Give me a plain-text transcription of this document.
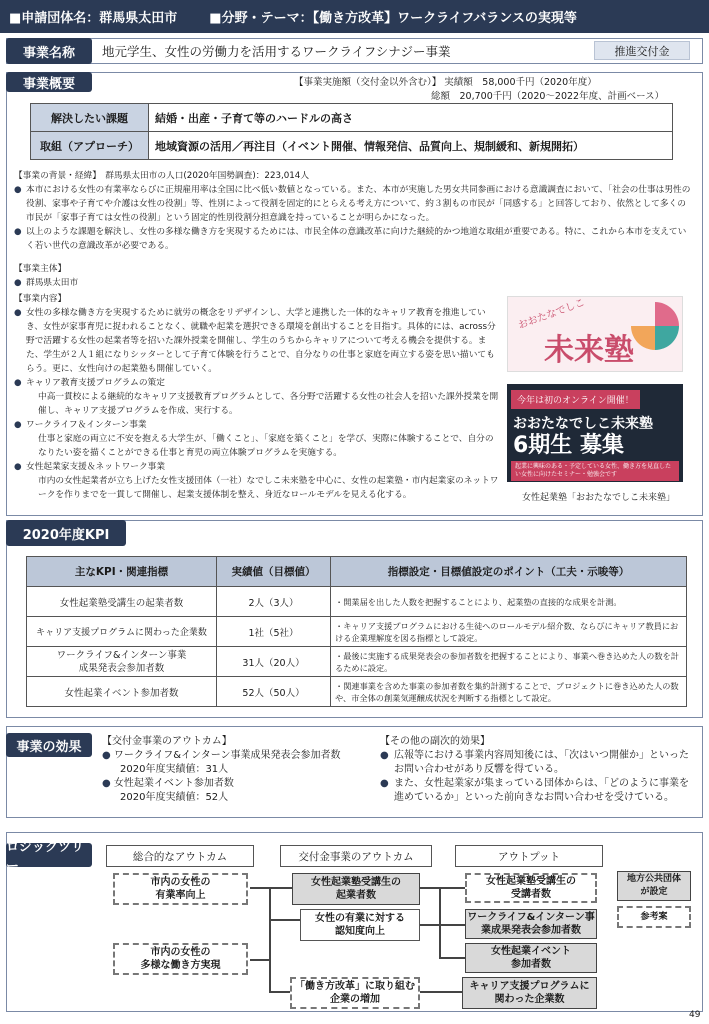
■申請団体名：群馬県太田市 ■分野・テーマ：【働き方改革】ワークライフバランスの実現等
事業名称	地元学生、女性の労働力を活用するワークライフシナジー事業	推進交付金
事業概要	【事業実施額（交付金以外含む）】 実績額　58,000千円（2020年度）
総額　20,700千円（2020～2022年度、計画ベース）
解決したい課題	結婚・出産・子育て等のハードルの高さ
取組（アプローチ）	地域資源の活用／再注目（イベント開催、情報発信、品質向上、規制緩和、新規開拓）
【事業の背景・経緯】　群馬県太田市の人口(2020年国勢調査)：223,014人
● 本市における女性の有業率ならびに正規雇用率は全国に比べ低い数値となっている。また、本市が実施した男女共同参画における意識調査において、「社会の仕事は男性の役割、家事や子育てや介護は女性の役割」等、性別によって役割を固定的にとらえる考え方について、約３割もの市民が「同感する」と回答しており、依然として多くの市民が「家事子育ては女性の役割」という固定的性別役割分担意識を持っていることが明らかになった。
● 以上のような課題を解決し、女性の多様な働き方を実現するためには、市民全体の意識改革に向けた継続的かつ地道な取組が重要である。特に、これから本市を支えていく若い世代の意識改革が必要である。
【事業主体】
● 群馬県太田市
【事業内容】
● 女性の多様な働き方を実現するために就労の概念をリデザインし、大学と連携した一体的なキャリア教育を推進していき、女性が家事育児に捉われることなく、就職や起業を選択できる環境を創出することを目指す。具体的には、across分野で活躍する女性の起業者等を招いた課外授業を開催し、学生のうちからキャリアについて考える機会を提供する。また、学生が２人１組になりシッターとして子育て体験を行うことで、自分なりの仕事と家庭を両立する姿を思い描いてもらう。更に、女性向けの起業塾も開催していく。
● キャリア教育支援プログラムの策定
中高一貫校による継続的なキャリア支援教育プログラムとして、各分野で活躍する女性の社会人を招いた課外授業を開催し、キャリア支援プログラムを作成、実行する。
● ワークライフ＆インターン事業
仕事と家庭の両立に不安を抱える大学生が、「働くこと」、「家庭を築くこと」を学び、実際に体験することで、自分のなりたい姿を描くことができる仕事と育児の両立体験プログラムを実施する。
● 女性起業家支援＆ネットワーク事業
市内の女性起業者が立ち上げた女性支援団体（一社）なでしこ未来塾を中心に、女性の起業塾・市内起業家のネットワークを作りまでを一貫して開催し、起業支援体制を整え、身近なロールモデルを見える化する。
おおたなでしこ
未来塾
今年は初のオンライン開催！
おおたなでしこ未来塾
6期生 募集
起業に興味のある・予定している女性、働き方を見直したい女性に向けたセミナー・勉強会です
女性起業塾「おおたなでしこ未来塾」
2020年度KPI
主なKPI・関連指標	実績値（目標値）	指標設定・目標値設定のポイント（工夫・示唆等）
女性起業塾受講生の起業者数	2人（3人）	・開業届を出した人数を把握することにより、起業塾の直接的な成果を計測。
キャリア支援プログラムに関わった企業数	1社（5社）	・キャリア支援プログラムにおける生徒へのロールモデル紹介数、ならびにキャリア教員における企業理解度を図る指標として設定。
ワークライフ&インターン事業
成果発表会参加者数	31人（20人）	・最後に実施する成果発表会の参加者数を把握することにより、事業へ巻き込めた人の数を計るために設定。
女性起業イベント参加者数	52人（50人）	・関連事業を含めた事業の参加者数を集約計測することで、プロジェクトに巻き込めた人の数や、市全体の創業気運醸成状況を判断する指標として設定。
事業の効果	【交付金事業のアウトカム】
● ワークライフ&インターン事業成果発表会参加者数
2020年度実績値：31人
● 女性起業イベント参加者数
2020年度実績値：52人
【その他の副次的効果】
● 広報等における事業内容周知後には、「次はいつ開催か」といったお問い合わせがあり反響を得ている。
● また、女性起業家が集まっている団体からは、「どのように事業を進めているか」といった前向きなお問い合わせを受けている。
ロジックツリー
総合的なアウトカム	交付金事業のアウトカム	アウトプット
市内の女性の
有業率向上
市内の女性の
多様な働き方実現
女性起業塾受講生の
起業者数
女性の有業に対する
認知度向上
「働き方改革」に取り組む
企業の増加
女性起業塾受講生の
受講者数
ワークライフ&インターン事
業成果発表会参加者数
女性起業イベント
参加者数
キャリア支援プログラムに
関わった企業数
地方公共団体
が設定
参考案
49
